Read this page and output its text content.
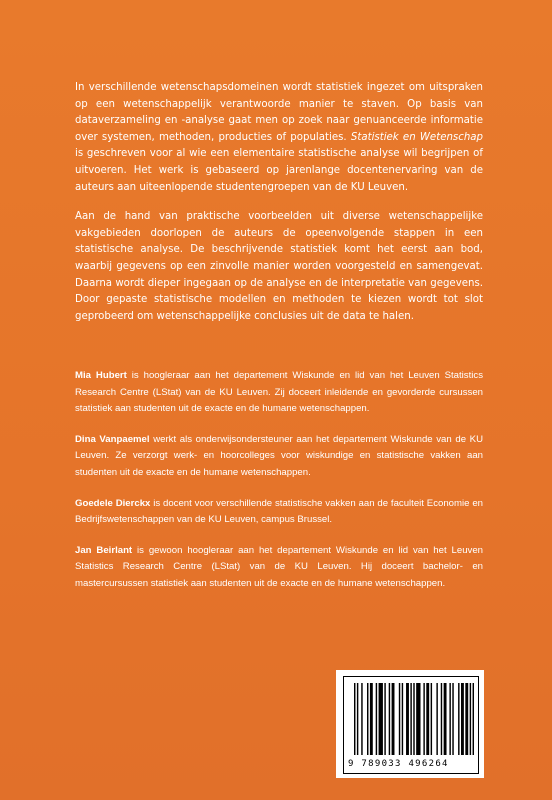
In verschillende wetenschapsdomeinen wordt statistiek ingezet om uitspraken op een wetenschappelijk verantwoorde manier te staven. Op basis van dataverzameling en -analyse gaat men op zoek naar genuanceerde informatie over systemen, methoden, producties of populaties. Statistiek en Wetenschap is geschreven voor al wie een elementaire statistische analyse wil begrijpen of uitvoeren. Het werk is gebaseerd op jarenlange docentenervaring van de auteurs aan uiteenlopende studentengroepen van de KU Leuven.

Aan de hand van praktische voorbeelden uit diverse wetenschappelijke vakgebieden doorlopen de auteurs de opeenvolgende stappen in een statistische analyse. De beschrijvende statistiek komt het eerst aan bod, waarbij gegevens op een zinvolle manier worden voorgesteld en samengevat. Daarna wordt dieper ingegaan op de analyse en de interpretatie van gegevens. Door gepaste statistische modellen en methoden te kiezen wordt tot slot geprobeerd om wetenschappelijke conclusies uit de data te halen.

Mia Hubert is hoogleraar aan het departement Wiskunde en lid van het Leuven Statistics Research Centre (LStat) van de KU Leuven. Zij doceert inleidende en gevorderde cursussen statistiek aan studenten uit de exacte en de humane wetenschappen.

Dina Vanpaemel werkt als onderwijsondersteuner aan het departement Wiskunde van de KU Leuven. Ze verzorgt werk- en hoorcolleges voor wiskundige en statistische vakken aan studenten uit de exacte en de humane wetenschappen.

Goedele Dierckx is docent voor verschillende statistische vakken aan de faculteit Economie en Bedrijfswetenschappen van de KU Leuven, campus Brussel.

Jan Beirlant is gewoon hoogleraar aan het departement Wiskunde en lid van het Leuven Statistics Research Centre (LStat) van de KU Leuven. Hij doceert bachelor- en mastercursussen statistiek aan studenten uit de exacte en de humane wetenschappen.

9 789033 496264
